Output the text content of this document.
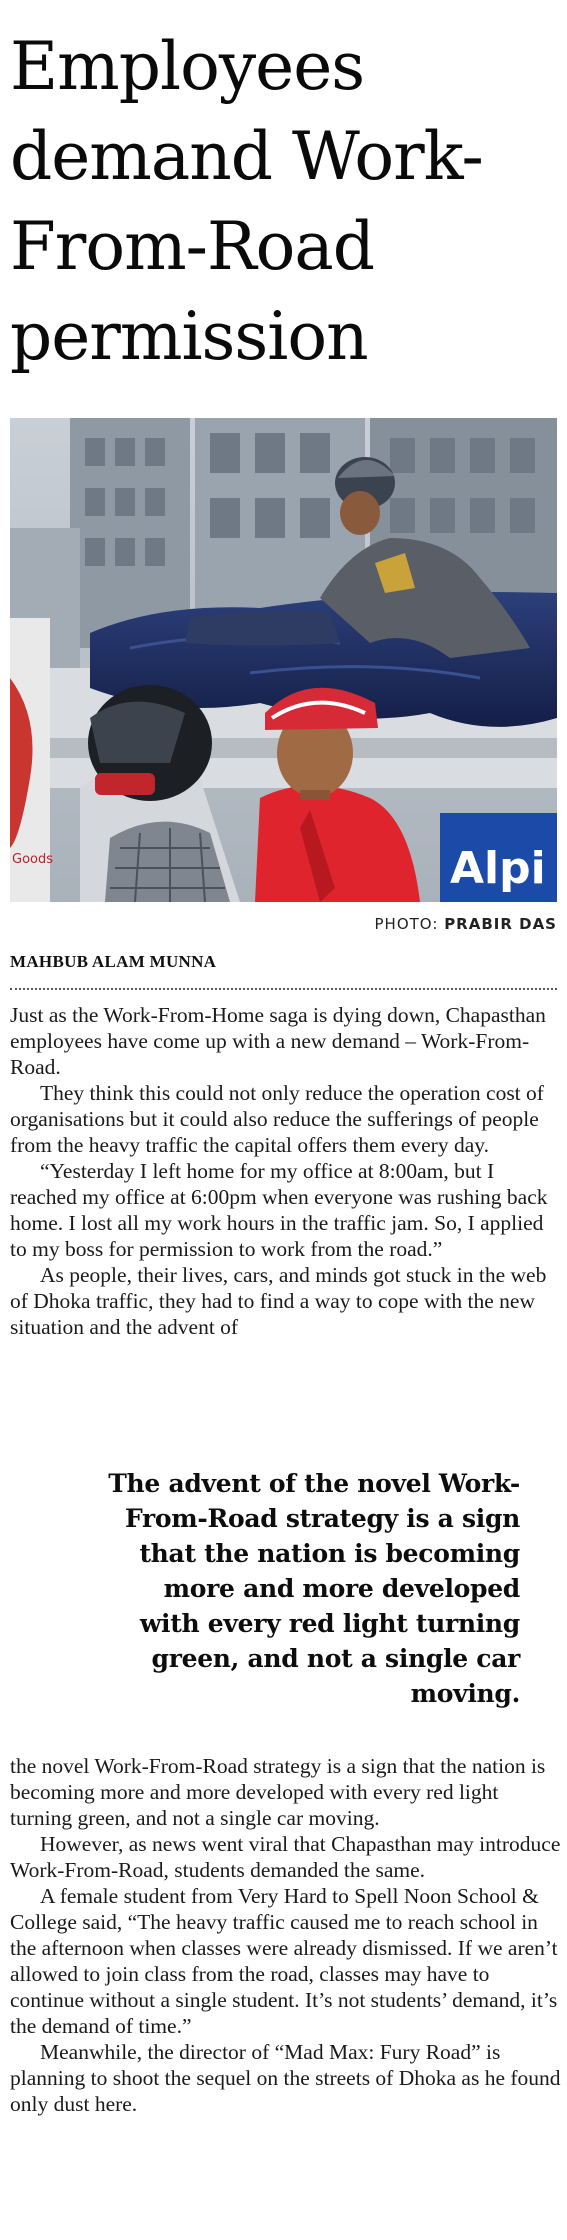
Employees demand Work-From-Road permission
Alpi
Goods
PHOTO: PRABIR DAS
MAHBUB ALAM MUNNA

Just as the Work-From-Home saga is dying down, Chapasthan employees have come up with a new demand – Work-From-Road.

They think this could not only reduce the operation cost of organisations but it could also reduce the sufferings of people from the heavy traffic the capital offers them every day.

“Yesterday I left home for my office at 8:00am, but I reached my office at 6:00pm when everyone was rushing back home. I lost all my work hours in the traffic jam. So, I applied to my boss for permission to work from the road.”

As people, their lives, cars, and minds got stuck in the web of Dhoka traffic, they had to find a way to cope with the new situation and the advent of

The advent of the novel Work-From-Road strategy is a sign that the nation is becoming more and more developed with every red light turning green, and not a single car moving.

the novel Work-From-Road strategy is a sign that the nation is becoming more and more developed with every red light turning green, and not a single car moving.

However, as news went viral that Chapasthan may introduce Work-From-Road, students demanded the same.

A female student from Very Hard to Spell Noon School & College said, “The heavy traffic caused me to reach school in the afternoon when classes were already dismissed. If we aren’t allowed to join class from the road, classes may have to continue without a single student. It’s not students’ demand, it’s the demand of time.”

Meanwhile, the director of “Mad Max: Fury Road” is planning to shoot the sequel on the streets of Dhoka as he found only dust here.
